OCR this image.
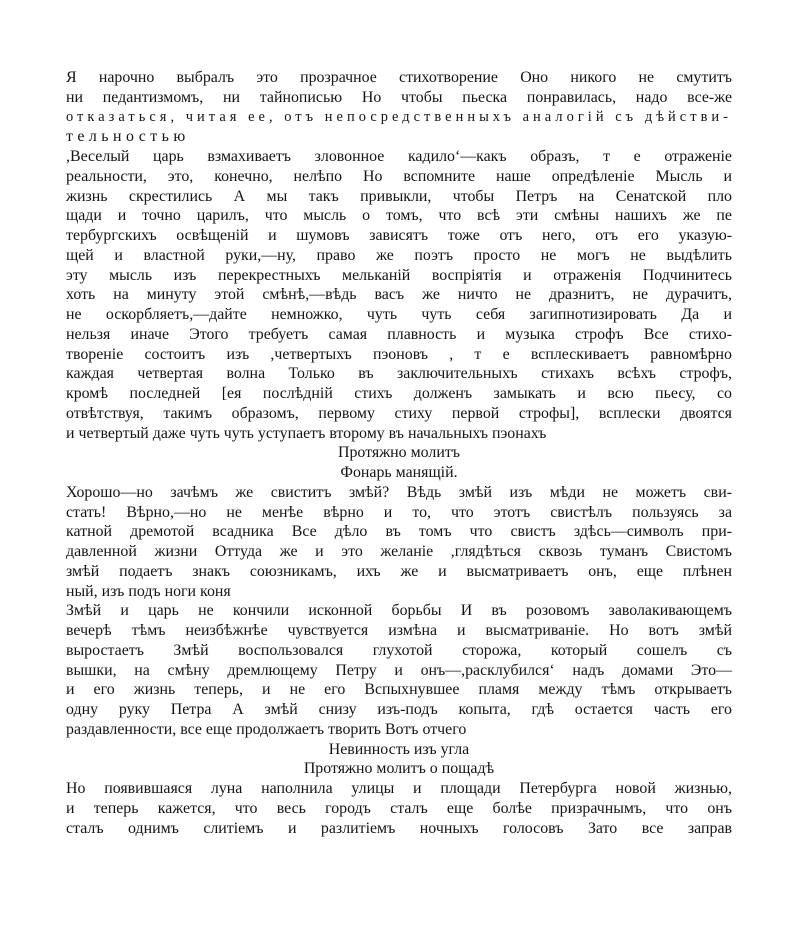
Я нарочно выбралъ это прозрачное стихотворение Оно никого не смутитъ
ни педантизмомъ, ни тайнописью Но чтобы пьеска понравилась, надо все-же
отказаться, читая ее, отъ непосредственныхъ аналогiй съ дѣйстви-
тельностью
,Веселый царь взмахиваетъ зловонное кадило‘—какъ образъ, т е отраженіе
реальности, это, конечно, нелѣпо Но вспомните наше опредѣленіе Мысль и
жизнь скрестились А мы такъ привыкли, чтобы Петръ на Сенатской пло
щади и точно царилъ, что мысль о томъ, что всѣ эти смѣны нашихъ же пе
тербургскихъ освѣщенiй и шумовъ зависятъ тоже отъ него, отъ его указую-
щей и властной руки,—ну, право же поэтъ просто не могъ не выдѣлить
эту мысль изъ перекрестныхъ мельканiй воспріятія и отраженія Подчинитесь
хоть на минуту этой смѣнѣ,—вѣдь васъ же ничто не дразнитъ, не дурачитъ,
не оскорбляетъ,—дайте немножко, чуть чуть себя загипнотизировать Да и
нельзя иначе Этого требуетъ самая плавность и музыка строфъ Все стихо-
твореніе состоитъ изъ ,четвертыхъ пэоновъ , т е всплескиваетъ равномѣрно
каждая четвертая волна Только въ заключительныхъ стихахъ всѣхъ строфъ,
кромѣ последней [ея послѣднiй стихъ долженъ замыкать и всю пьесу, со
отвѣтствуя, такимъ образомъ, первому стиху первой строфы], всплески двоятся
и четвертый даже чуть чуть уступаетъ второму въ начальныхъ пэонахъ
Протяжно молитъ
Фонарь манящій.
Хорошо—но зачѣмъ же свиститъ змѣй? Вѣдь змѣй изъ мѣди не можетъ сви-
стать! Вѣрно,—но не менѣе вѣрно и то, что этотъ свистѣлъ пользуясь за
катной дремотой всадника Все дѣло въ томъ что свистъ здѣсь—символъ при-
давленной жизни Оттуда же и это желаніе ,глядѣться сквозь туманъ Свистомъ
змѣй подаетъ знакъ союзникамъ, ихъ же и высматриваетъ онъ, еще плѣнен
ный, изъ подъ ноги коня
Змѣй и царь не кончили исконной борьбы И въ розовомъ заволакивающемъ
вечерѣ тѣмъ неизбѣжнѣе чувствуется измѣна и высматриваніе. Но вотъ змѣй
выростаетъ Змѣй воспользовался глухотой сторожа, который сошелъ съ
вышки, на смѣну дремлющему Петру и онъ—,расклубился‘ надъ домами Это—
и его жизнь теперь, и не его Вспыхнувшее пламя между тѣмъ открываетъ
одну руку Петра А змѣй снизу изъ-подъ копыта, гдѣ остается часть его
раздавленности, все еще продолжаетъ творить Вотъ отчего
Невинность изъ угла
Протяжно молитъ о пощадѣ
Но появившаяся луна наполнила улицы и площади Петербурга новой жизнью,
и теперь кажется, что весь городъ сталъ еще болѣе призрачнымъ, что онъ
сталъ однимъ слитіемъ и разлитіемъ ночныхъ голосовъ Зато все заправ
